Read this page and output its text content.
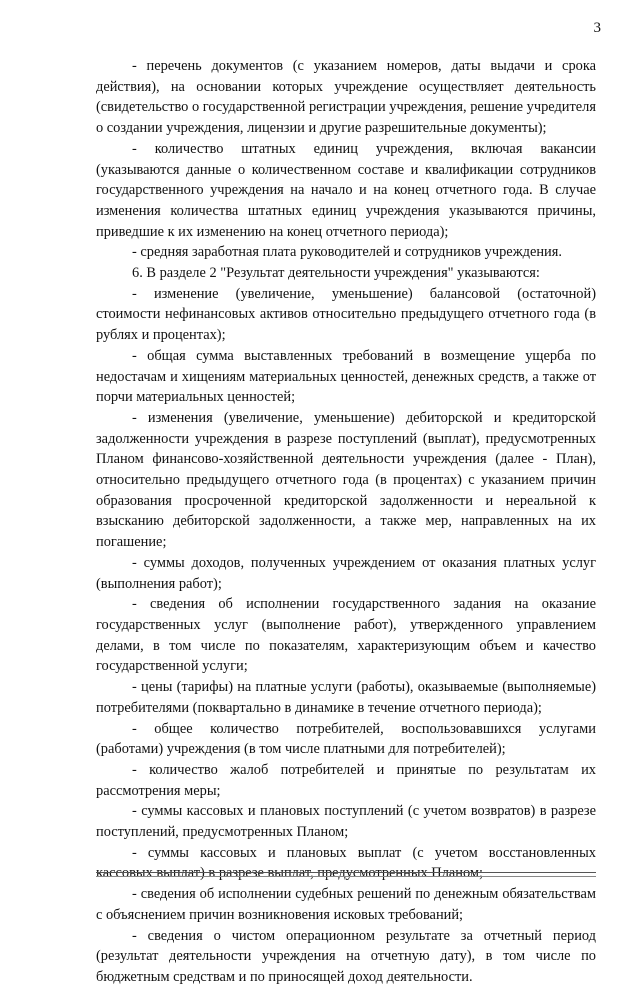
3

- перечень документов (с указанием номеров, даты выдачи и срока действия), на основании которых учреждение осуществляет деятельность (свидетельство о государственной регистрации учреждения, решение учредителя о создании учреждения, лицензии и другие разрешительные документы);

- количество штатных единиц учреждения, включая вакансии (указываются данные о количественном составе и квалификации сотрудников государственного учреждения на начало и на конец отчетного года. В случае изменения количества штатных единиц учреждения указываются причины, приведшие к их изменению на конец отчетного периода);

- средняя заработная плата руководителей и сотрудников учреждения.

6. В разделе 2 "Результат деятельности учреждения" указываются:

- изменение (увеличение, уменьшение) балансовой (остаточной) стоимости нефинансовых активов относительно предыдущего отчетного года (в рублях и процентах);

- общая сумма выставленных требований в возмещение ущерба по недостачам и хищениям материальных ценностей, денежных средств, а также от порчи материальных ценностей;

- изменения (увеличение, уменьшение) дебиторской и кредиторской задолженности учреждения в разрезе поступлений (выплат), предусмотренных Планом финансово-хозяйственной деятельности учреждения (далее - План), относительно предыдущего отчетного года (в процентах) с указанием причин образования просроченной кредиторской задолженности и нереальной к взысканию дебиторской задолженности, а также мер, направленных на их погашение;

- суммы доходов, полученных учреждением от оказания платных услуг (выполнения работ);

- сведения об исполнении государственного задания на оказание государственных услуг (выполнение работ), утвержденного управлением делами, в том числе по показателям, характеризующим объем и качество государственной услуги;

- цены (тарифы) на платные услуги (работы), оказываемые (выполняемые) потребителями (поквартально в динамике в течение отчетного периода);

- общее количество потребителей, воспользовавшихся услугами (работами) учреждения (в том числе платными для потребителей);

- количество жалоб потребителей и принятые по результатам их рассмотрения меры;

- суммы кассовых и плановых поступлений (с учетом возвратов) в разрезе поступлений, предусмотренных Планом;

- суммы кассовых и плановых выплат (с учетом восстановленных кассовых выплат) в разрезе выплат, предусмотренных Планом;

- сведения об исполнении судебных решений по денежным обязательствам с объяснением причин возникновения исковых требований;

- сведения о чистом операционном результате за отчетный период (результат деятельности учреждения на отчетную дату), в том числе по бюджетным средствам и по приносящей доход деятельности.
